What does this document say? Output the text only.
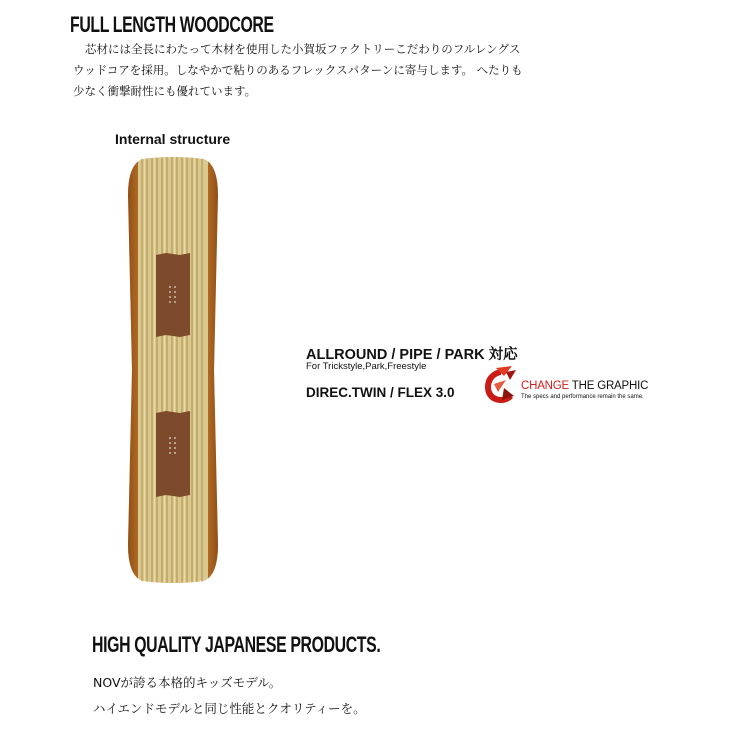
FULL LENGTH WOODCORE
芯材には全長にわたって木材を使用した小賀坂ファクトリーこだわりのフルレングス
ウッドコアを採用。しなやかで粘りのあるフレックスパターンに寄与します。 へたりも
少なく衝撃耐性にも優れています。
Internal structure
ALLROUND / PIPE / PARK 対応
For Trickstyle,Park,Freestyle
DIREC.TWIN / FLEX 3.0	CHANGE THE GRAPHIC
The specs and performance remain the same.
HIGH QUALITY JAPANESE PRODUCTS.
NOVが誇る本格的キッズモデル。
ハイエンドモデルと同じ性能とクオリティーを。
